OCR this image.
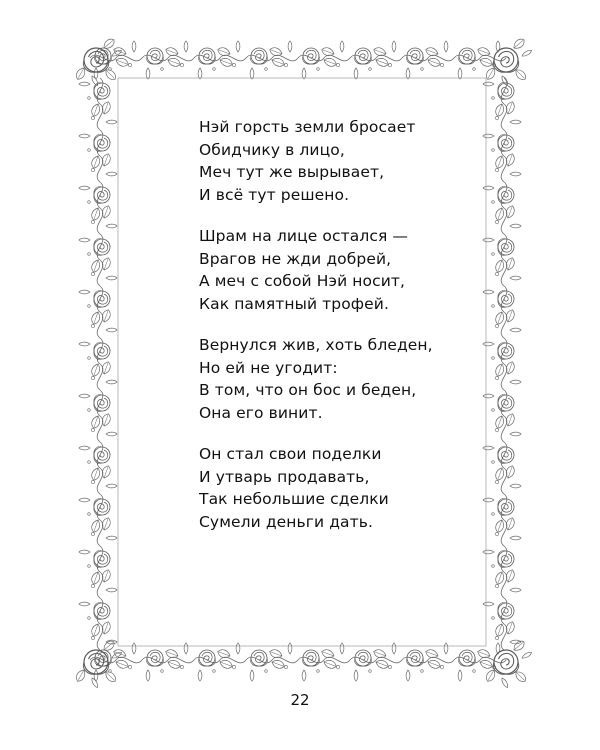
Нэй горсть земли бросает
Обидчику в лицо,
Меч тут же вырывает,
И всё тут решено.
Шрам на лице остался —
Врагов не жди добрей,
А меч с собой Нэй носит,
Как памятный трофей.
Вернулся жив, хоть бледен,
Но ей не угодит:
В том, что он бос и беден,
Она его винит.
Он стал свои поделки
И утварь продавать,
Так небольшие сделки
Сумели деньги дать.
22
